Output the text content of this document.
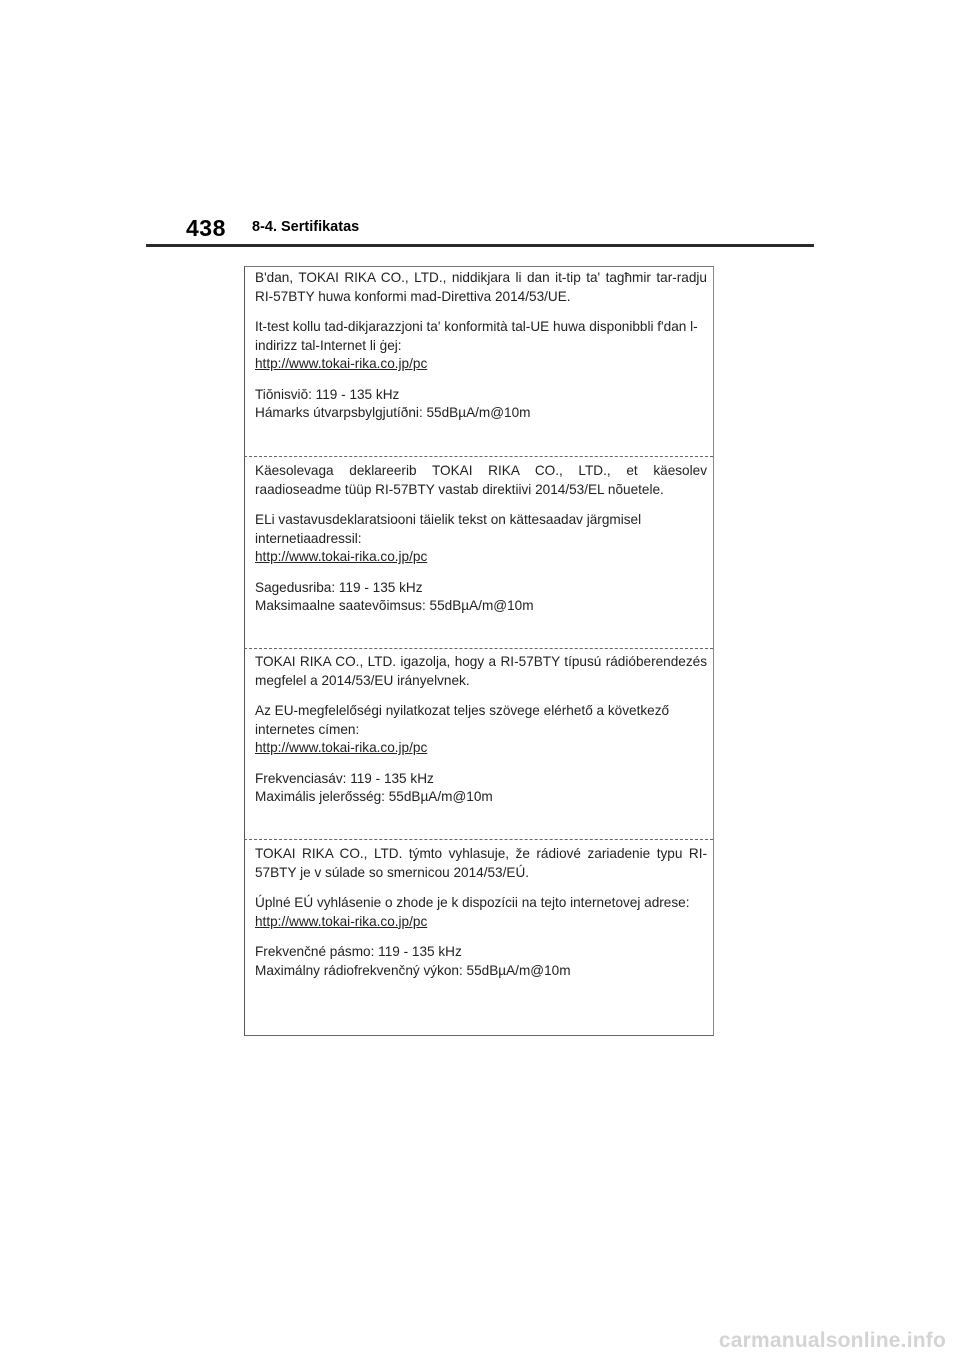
438 8-4. Sertifikatas

B'dan, TOKAI RIKA CO., LTD., niddikjara li dan it-tip ta' tagħmir tar-radju RI-57BTY huwa konformi mad-Direttiva 2014/53/UE.

It-test kollu tad-dikjarazzjoni ta' konformità tal-UE huwa disponibbli f'dan l-indirizz tal-Internet li ġej:

http://www.tokai-rika.co.jp/pc

Tiŏnisviŏ: 119 - 135 kHz

Hámarks útvarpsbylgjutíðni: 55dBµA/m@10m

Käesolevaga deklareerib TOKAI RIKA CO., LTD., et käesolev raadioseadme tüüp RI-57BTY vastab direktiivi 2014/53/EL nõuetele.

ELi vastavusdeklaratsiooni täielik tekst on kättesaadav järgmisel internetiaadressil:

http://www.tokai-rika.co.jp/pc

Sagedusriba: 119 - 135 kHz

Maksimaalne saatevõimsus: 55dBµA/m@10m

TOKAI RIKA CO., LTD. igazolja, hogy a RI-57BTY típusú rádióberendezés megfelel a 2014/53/EU irányelvnek.

Az EU-megfelelőségi nyilatkozat teljes szövege elérhető a következő internetes címen:

http://www.tokai-rika.co.jp/pc

Frekvenciasáv: 119 - 135 kHz

Maximális jelerősség: 55dBµA/m@10m

TOKAI RIKA CO., LTD. týmto vyhlasuje, že rádiové zariadenie typu RI-57BTY je v súlade so smernicou 2014/53/EÚ.

Úplné EÚ vyhlásenie o zhode je k dispozícii na tejto internetovej adrese:

http://www.tokai-rika.co.jp/pc

Frekvenčné pásmo: 119 - 135 kHz

Maximálny rádiofrekvenčný výkon: 55dBµA/m@10m

carmanualsonline.info
